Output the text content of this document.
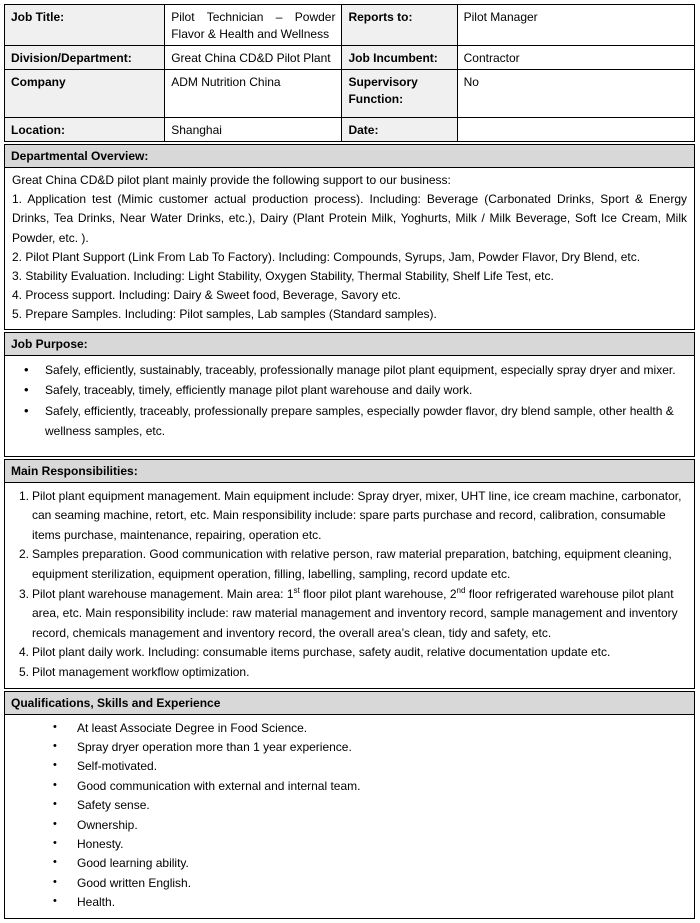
Job Title:	Pilot Technician – Powder Flavor & Health and Wellness	Reports to:	Pilot Manager
Division/Department:	Great China CD&D Pilot Plant	Job Incumbent:	Contractor
Company	ADM Nutrition China	Supervisory Function:	No
Location:	Shanghai	Date:	
Departmental Overview:

Great China CD&D pilot plant mainly provide the following support to our business:

1. Application test (Mimic customer actual production process). Including: Beverage (Carbonated Drinks, Sport & Energy Drinks, Tea Drinks, Near Water Drinks, etc.), Dairy (Plant Protein Milk, Yoghurts, Milk / Milk Beverage, Soft Ice Cream, Milk Powder, etc. ).

2. Pilot Plant Support (Link From Lab To Factory). Including: Compounds, Syrups, Jam, Powder Flavor, Dry Blend, etc.

3. Stability Evaluation. Including: Light Stability, Oxygen Stability, Thermal Stability, Shelf Life Test, etc.

4. Process support. Including: Dairy & Sweet food, Beverage, Savory etc.

5. Prepare Samples. Including: Pilot samples, Lab samples (Standard samples).

Job Purpose:
• Safely, efficiently, sustainably, traceably, professionally manage pilot plant equipment, especially spray dryer and mixer.
• Safely, traceably, timely, efficiently manage pilot plant warehouse and daily work.
• Safely, efficiently, traceably, professionally prepare samples, especially powder flavor, dry blend sample, other health & wellness samples, etc.
Main Responsibilities:
1. Pilot plant equipment management. Main equipment include: Spray dryer, mixer, UHT line, ice cream machine, carbonator, can seaming machine, retort, etc. Main responsibility include: spare parts purchase and record, calibration, consumable items purchase, maintenance, repairing, operation etc.
2. Samples preparation. Good communication with relative person, raw material preparation, batching, equipment cleaning, equipment sterilization, equipment operation, filling, labelling, sampling, record update etc.
3. Pilot plant warehouse management. Main area: 1st floor pilot plant warehouse, 2nd floor refrigerated warehouse pilot plant area, etc. Main responsibility include: raw material management and inventory record, sample management and inventory record, chemicals management and inventory record, the overall area’s clean, tidy and safety, etc.
4. Pilot plant daily work. Including: consumable items purchase, safety audit, relative documentation update etc.
5. Pilot management workflow optimization.
Qualifications, Skills and Experience
• At least Associate Degree in Food Science.
• Spray dryer operation more than 1 year experience.
• Self-motivated.
• Good communication with external and internal team.
• Safety sense.
• Ownership.
• Honesty.
• Good learning ability.
• Good written English.
• Health.
